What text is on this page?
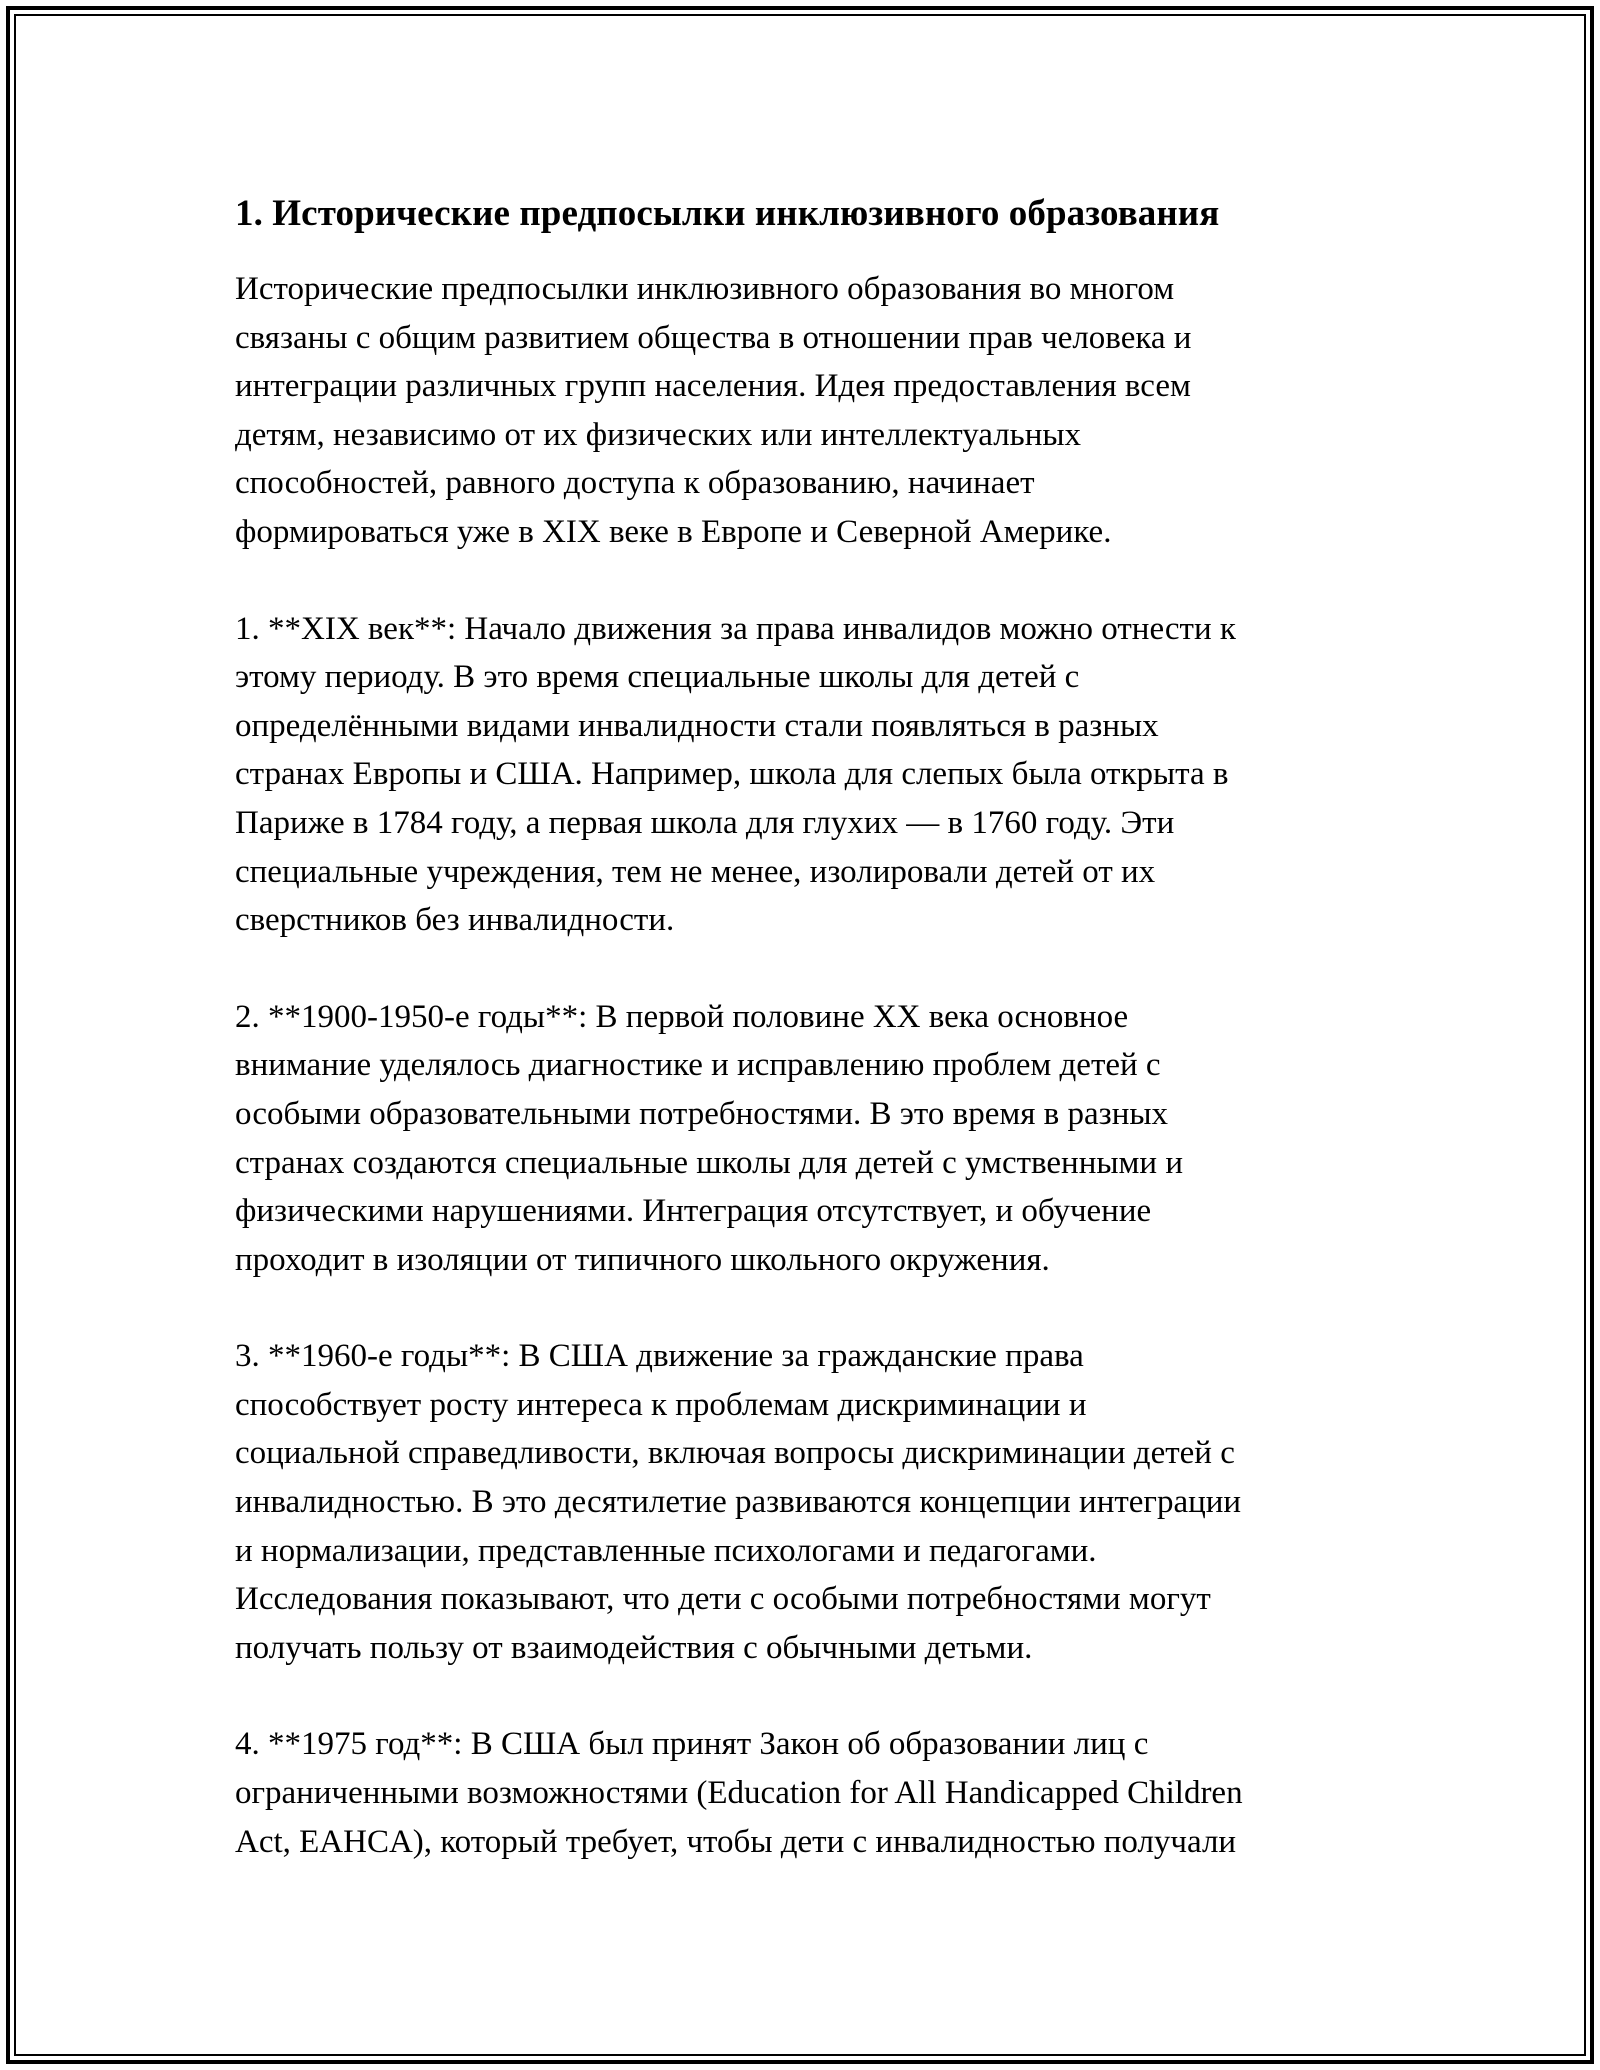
1. Исторические предпосылки инклюзивного образования

Исторические предпосылки инклюзивного образования во многом
связаны с общим развитием общества в отношении прав человека и
интеграции различных групп населения. Идея предоставления всем
детям, независимо от их физических или интеллектуальных
способностей, равного доступа к образованию, начинает
формироваться уже в XIX веке в Европе и Северной Америке.

1. **XIX век**: Начало движения за права инвалидов можно отнести к
этому периоду. В это время специальные школы для детей с
определёнными видами инвалидности стали появляться в разных
странах Европы и США. Например, школа для слепых была открыта в
Париже в 1784 году, а первая школа для глухих — в 1760 году. Эти
специальные учреждения, тем не менее, изолировали детей от их
сверстников без инвалидности.

2. **1900-1950-е годы**: В первой половине XX века основное
внимание уделялось диагностике и исправлению проблем детей с
особыми образовательными потребностями. В это время в разных
странах создаются специальные школы для детей с умственными и
физическими нарушениями. Интеграция отсутствует, и обучение
проходит в изоляции от типичного школьного окружения.

3. **1960-е годы**: В США движение за гражданские права
способствует росту интереса к проблемам дискриминации и
социальной справедливости, включая вопросы дискриминации детей с
инвалидностью. В это десятилетие развиваются концепции интеграции
и нормализации, представленные психологами и педагогами.
Исследования показывают, что дети с особыми потребностями могут
получать пользу от взаимодействия с обычными детьми.

4. **1975 год**: В США был принят Закон об образовании лиц с
ограниченными возможностями (Education for All Handicapped Children
Act, EAHCA), который требует, чтобы дети с инвалидностью получали
